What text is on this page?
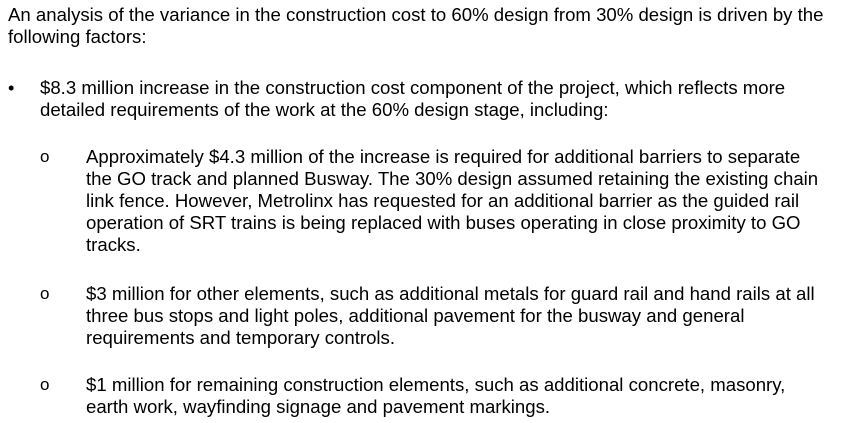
An analysis of the variance in the construction cost to 60% design from 30% design is driven by the following factors:

• $8.3 million increase in the construction cost component of the project, which reflects more detailed requirements of the work at the 60% design stage, including:

o Approximately $4.3 million of the increase is required for additional barriers to separate the GO track and planned Busway. The 30% design assumed retaining the existing chain link fence. However, Metrolinx has requested for an additional barrier as the guided rail operation of SRT trains is being replaced with buses operating in close proximity to GO tracks.

o $3 million for other elements, such as additional metals for guard rail and hand rails at all three bus stops and light poles, additional pavement for the busway and general requirements and temporary controls.

o $1 million for remaining construction elements, such as additional concrete, masonry, earth work, wayfinding signage and pavement markings.
